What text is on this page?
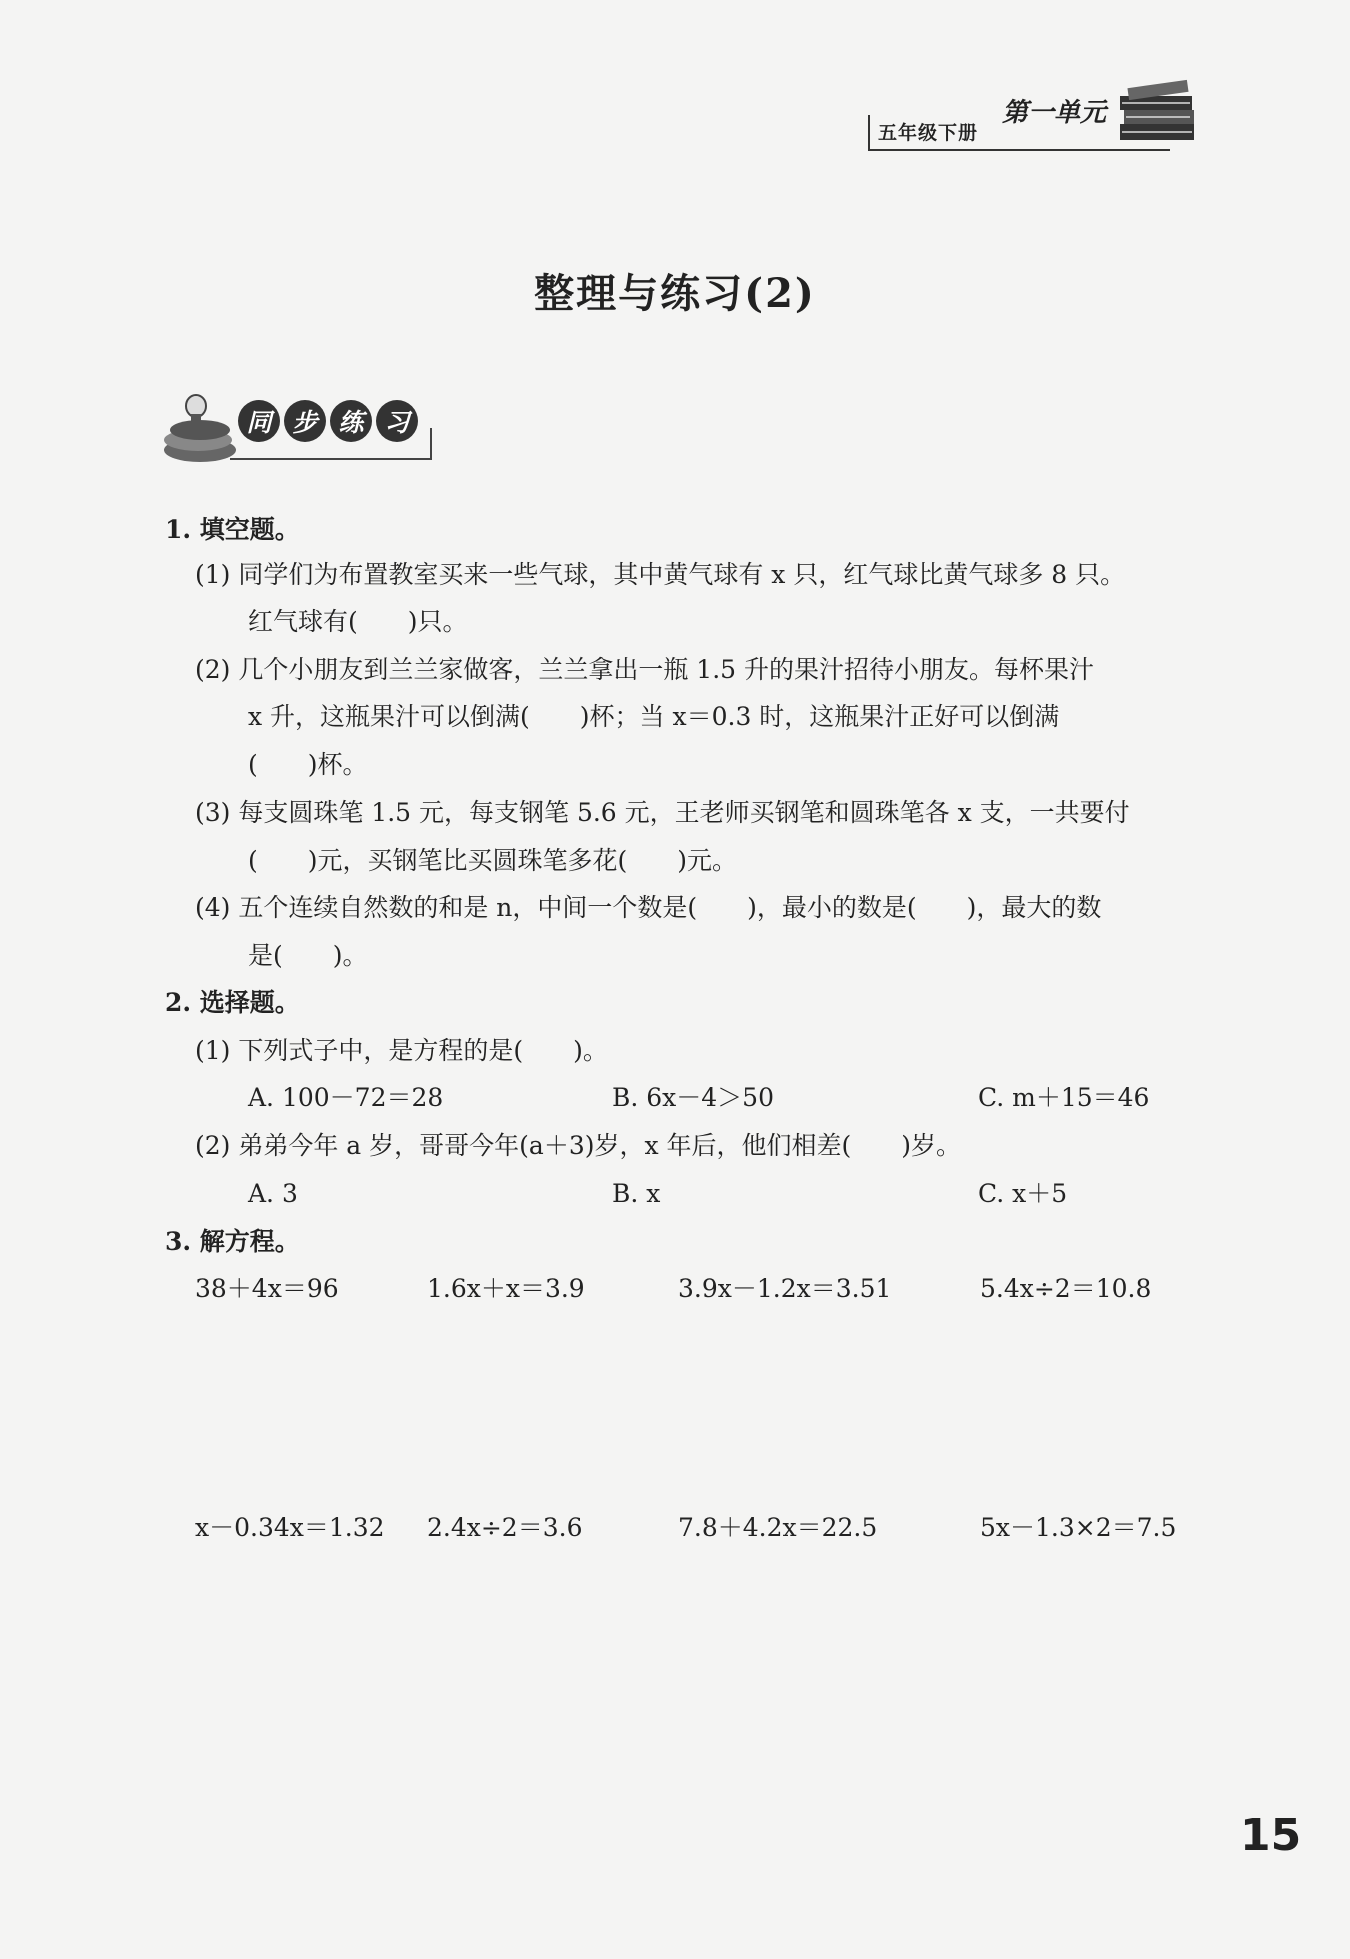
五年级下册
第一单元
整理与练习(2)
同 步 练 习
1. 填空题。
(1) 同学们为布置教室买来一些气球，其中黄气球有 x 只，红气球比黄气球多 8 只。
红气球有(　　)只。
(2) 几个小朋友到兰兰家做客，兰兰拿出一瓶 1.5 升的果汁招待小朋友。每杯果汁
x 升，这瓶果汁可以倒满(　　)杯；当 x＝0.3 时，这瓶果汁正好可以倒满
(　　)杯。
(3) 每支圆珠笔 1.5 元，每支钢笔 5.6 元，王老师买钢笔和圆珠笔各 x 支，一共要付
(　　)元，买钢笔比买圆珠笔多花(　　)元。
(4) 五个连续自然数的和是 n，中间一个数是(　　)，最小的数是(　　)，最大的数
是(　　)。
2. 选择题。
(1) 下列式子中，是方程的是(　　)。
A. 100－72＝28	B. 6x－4＞50	C. m＋15＝46
(2) 弟弟今年 a 岁，哥哥今年(a＋3)岁，x 年后，他们相差(　　)岁。
A. 3	B. x	C. x＋5
3. 解方程。
38＋4x＝96	1.6x＋x＝3.9	3.9x－1.2x＝3.51	5.4x÷2＝10.8
x－0.34x＝1.32 2.4x÷2＝3.6	7.8＋4.2x＝22.5	5x－1.3×2＝7.5
15
